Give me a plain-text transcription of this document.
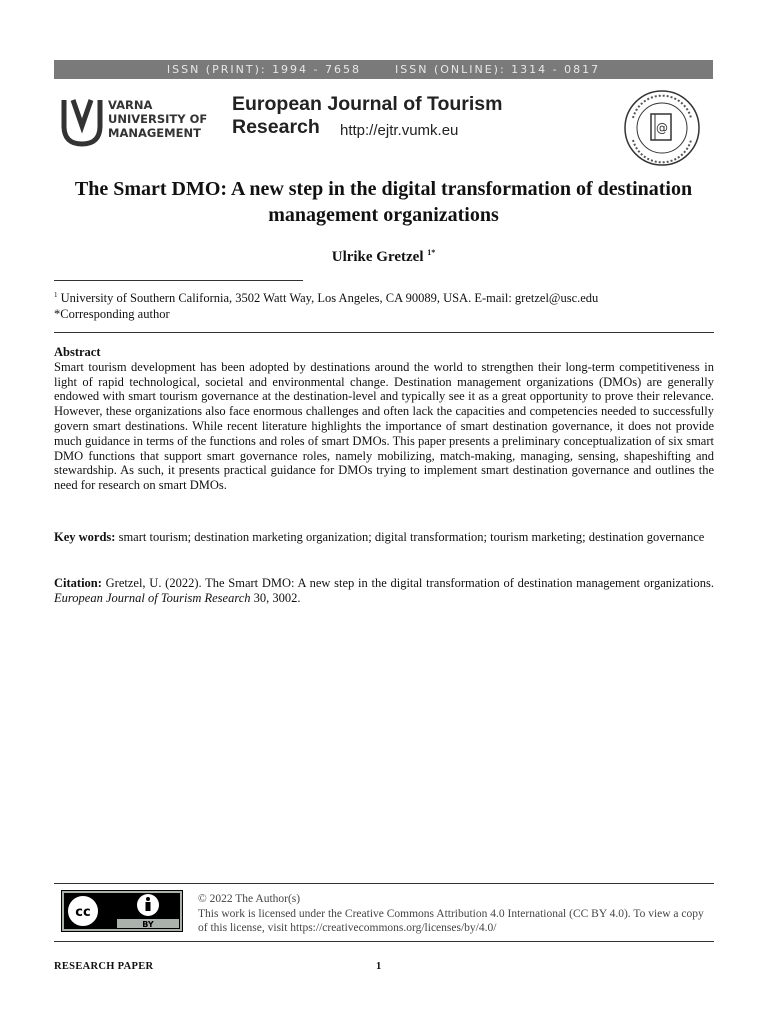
ISSN (PRINT): 1994 - 7658	ISSN (ONLINE): 1314 - 0817
VARNA
UNIVERSITY OF
MANAGEMENT
European Journal of Tourism Research	http://ejtr.vumk.eu	@
The Smart DMO: A new step in the digital transformation of destination management organizations
Ulrike Gretzel $^{1*}$
$^1$ University of Southern California, 3502 Watt Way, Los Angeles, CA 90089, USA. E-mail: gretzel@usc.edu
*Corresponding author
Abstract
Smart tourism development has been adopted by destinations around the world to strengthen their long-term competitiveness in light of rapid technological, societal and environmental change. Destination management organizations (DMOs) are generally endowed with smart tourism governance at the destination-level and typically see it as a great opportunity to prove their relevance. However, these organizations also face enormous challenges and often lack the capacities and competencies needed to successfully govern smart destinations. While recent literature highlights the importance of smart destination governance, it does not provide much guidance in terms of the functions and roles of smart DMOs. This paper presents a preliminary conceptualization of six smart DMO functions that support smart governance roles, namely mobilizing, match-making, managing, sensing, shapeshifting and stewardship. As such, it presents practical guidance for DMOs trying to implement smart destination governance and outlines the need for research on smart DMOs.
Key words: smart tourism; destination marketing organization; digital transformation; tourism marketing; destination governance
Citation: Gretzel, U. (2022). The Smart DMO: A new step in the digital transformation of destination management organizations. European Journal of Tourism Research 30, 3002.
cc
BY
© 2022 The Author(s)
This work is licensed under the Creative Commons Attribution 4.0 International (CC BY 4.0). To view a copy of this license, visit https://creativecommons.org/licenses/by/4.0/
RESEARCH PAPER	1
